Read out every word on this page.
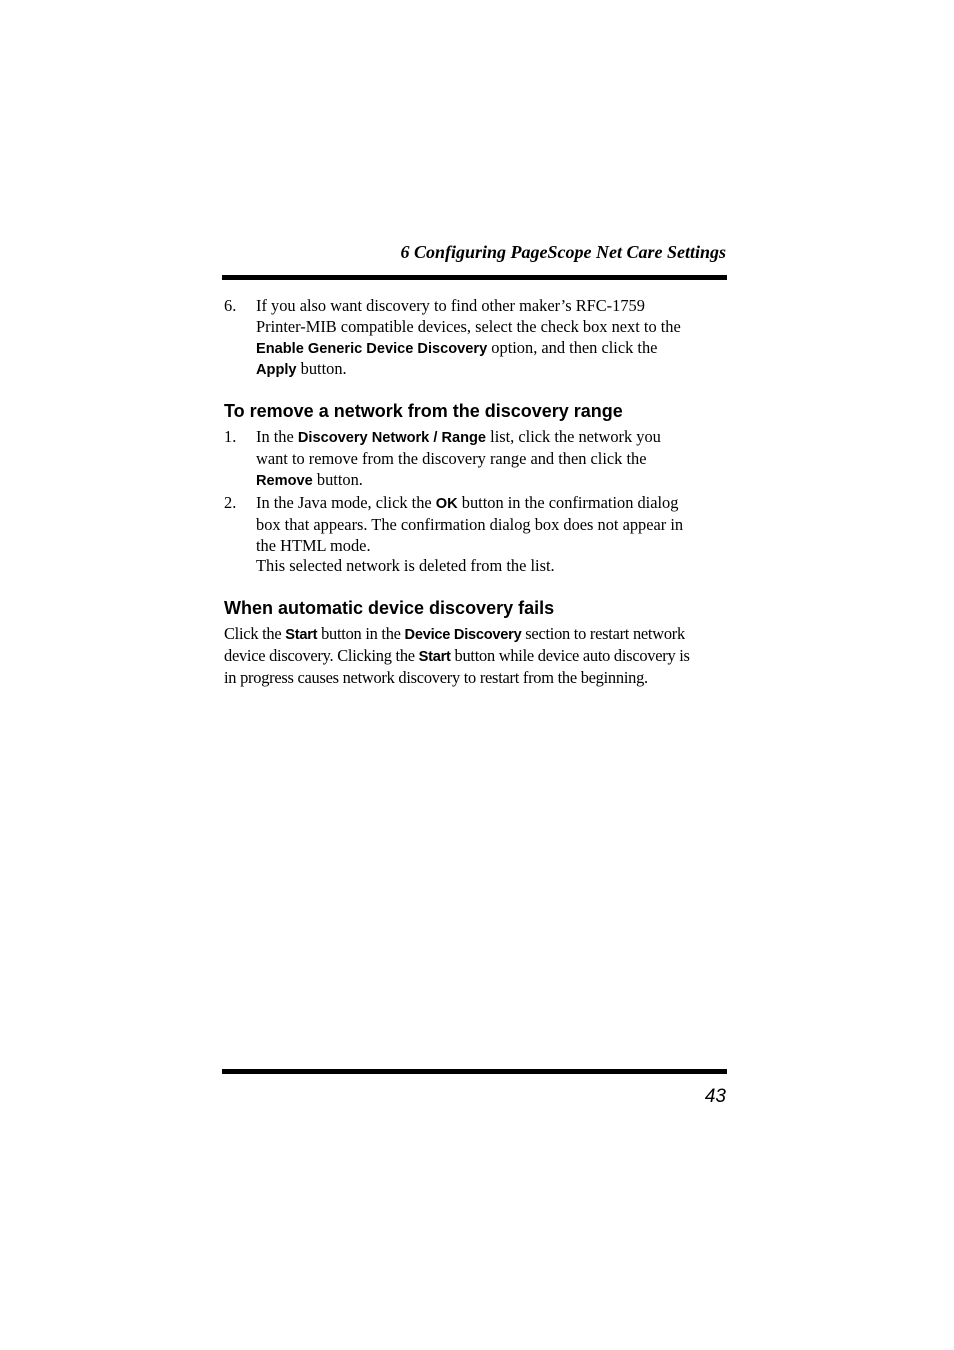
6 Configuring PageScope Net Care Settings
6. If you also want discovery to find other maker’s RFC-1759
Printer-MIB compatible devices, select the check box next to the
Enable Generic Device Discovery option, and then click the
Apply button.
To remove a network from the discovery range
1. In the Discovery Network / Range list, click the network you
want to remove from the discovery range and then click the
Remove button.
2. In the Java mode, click the OK button in the confirmation dialog
box that appears. The confirmation dialog box does not appear in
the HTML mode.
This selected network is deleted from the list.
When automatic device discovery fails
Click the Start button in the Device Discovery section to restart network
device discovery. Clicking the Start button while device auto discovery is
in progress causes network discovery to restart from the beginning.
43
